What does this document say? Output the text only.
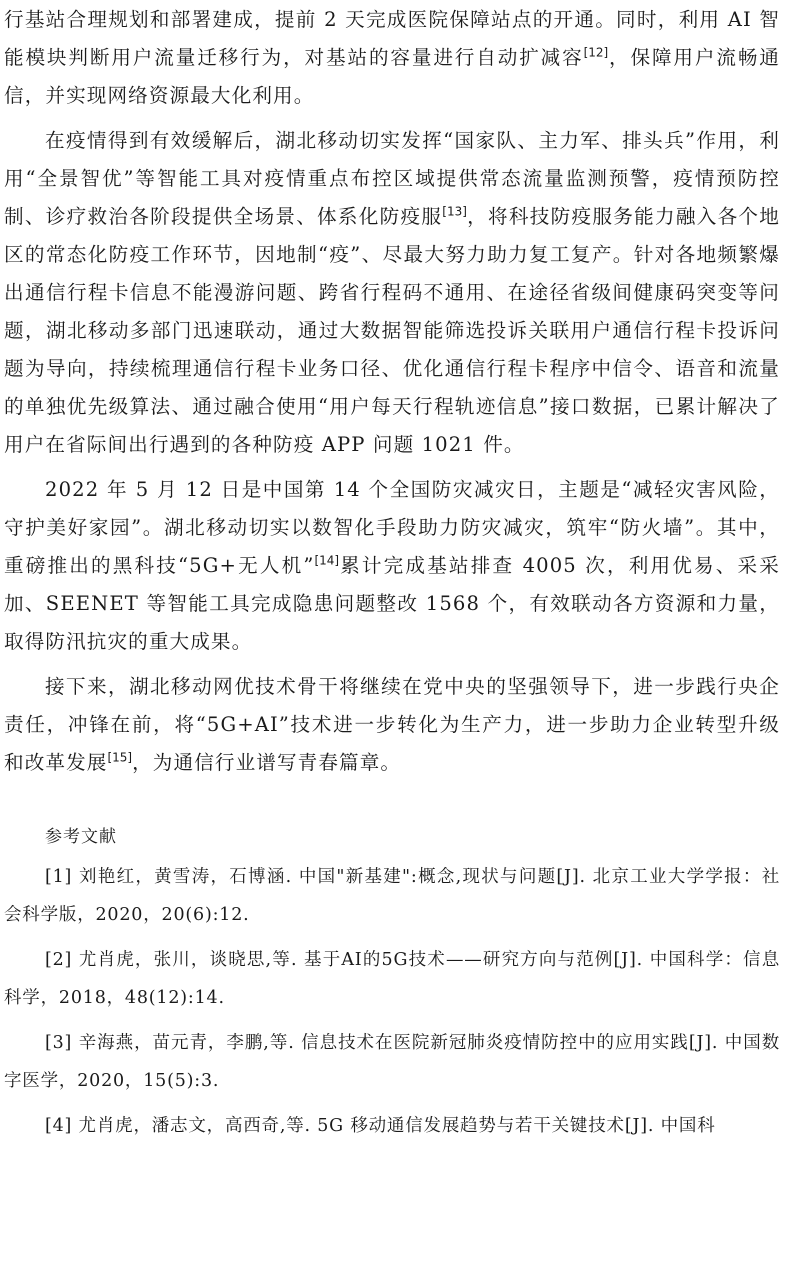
行基站合理规划和部署建成，提前 2 天完成医院保障站点的开通。同时，利用 AI 智能模块判断用户流量迁移行为，对基站的容量进行自动扩减容[12]，保障用户流畅通信，并实现网络资源最大化利用。

在疫情得到有效缓解后，湖北移动切实发挥“国家队、主力军、排头兵”作用，利用“全景智优”等智能工具对疫情重点布控区域提供常态流量监测预警，疫情预防控制、诊疗救治各阶段提供全场景、体系化防疫服[13]，将科技防疫服务能力融入各个地区的常态化防疫工作环节，因地制“疫”、尽最大努力助力复工复产。针对各地频繁爆出通信行程卡信息不能漫游问题、跨省行程码不通用、在途径省级间健康码突变等问题，湖北移动多部门迅速联动，通过大数据智能筛选投诉关联用户通信行程卡投诉问题为导向，持续梳理通信行程卡业务口径、优化通信行程卡程序中信令、语音和流量的单独优先级算法、通过融合使用“用户每天行程轨迹信息”接口数据，已累计解决了用户在省际间出行遇到的各种防疫 APP 问题 1021 件。

2022 年 5 月 12 日是中国第 14 个全国防灾减灾日，主题是“减轻灾害风险，守护美好家园”。湖北移动切实以数智化手段助力防灾减灾，筑牢“防火墙”。其中，重磅推出的黑科技“5G+无人机”[14]累计完成基站排查 4005 次，利用优易、采采加、SEENET 等智能工具完成隐患问题整改 1568 个，有效联动各方资源和力量，取得防汛抗灾的重大成果。

接下来，湖北移动网优技术骨干将继续在党中央的坚强领导下，进一步践行央企责任，冲锋在前，将“5G+AI”技术进一步转化为生产力，进一步助力企业转型升级和改革发展[15]，为通信行业谱写青春篇章。

参考文献

[1] 刘艳红，黄雪涛，石博涵. 中国"新基建":概念,现状与问题[J]. 北京工业大学学报：社会科学版，2020，20(6):12.

[2] 尤肖虎，张川，谈晓思,等. 基于AI的5G技术——研究方向与范例[J]. 中国科学：信息科学，2018，48(12):14.

[3] 辛海燕，苗元青，李鹏,等. 信息技术在医院新冠肺炎疫情防控中的应用实践[J]. 中国数字医学，2020，15(5):3.

[4] 尤肖虎，潘志文，高西奇,等. 5G 移动通信发展趋势与若干关键技术[J]. 中国科
